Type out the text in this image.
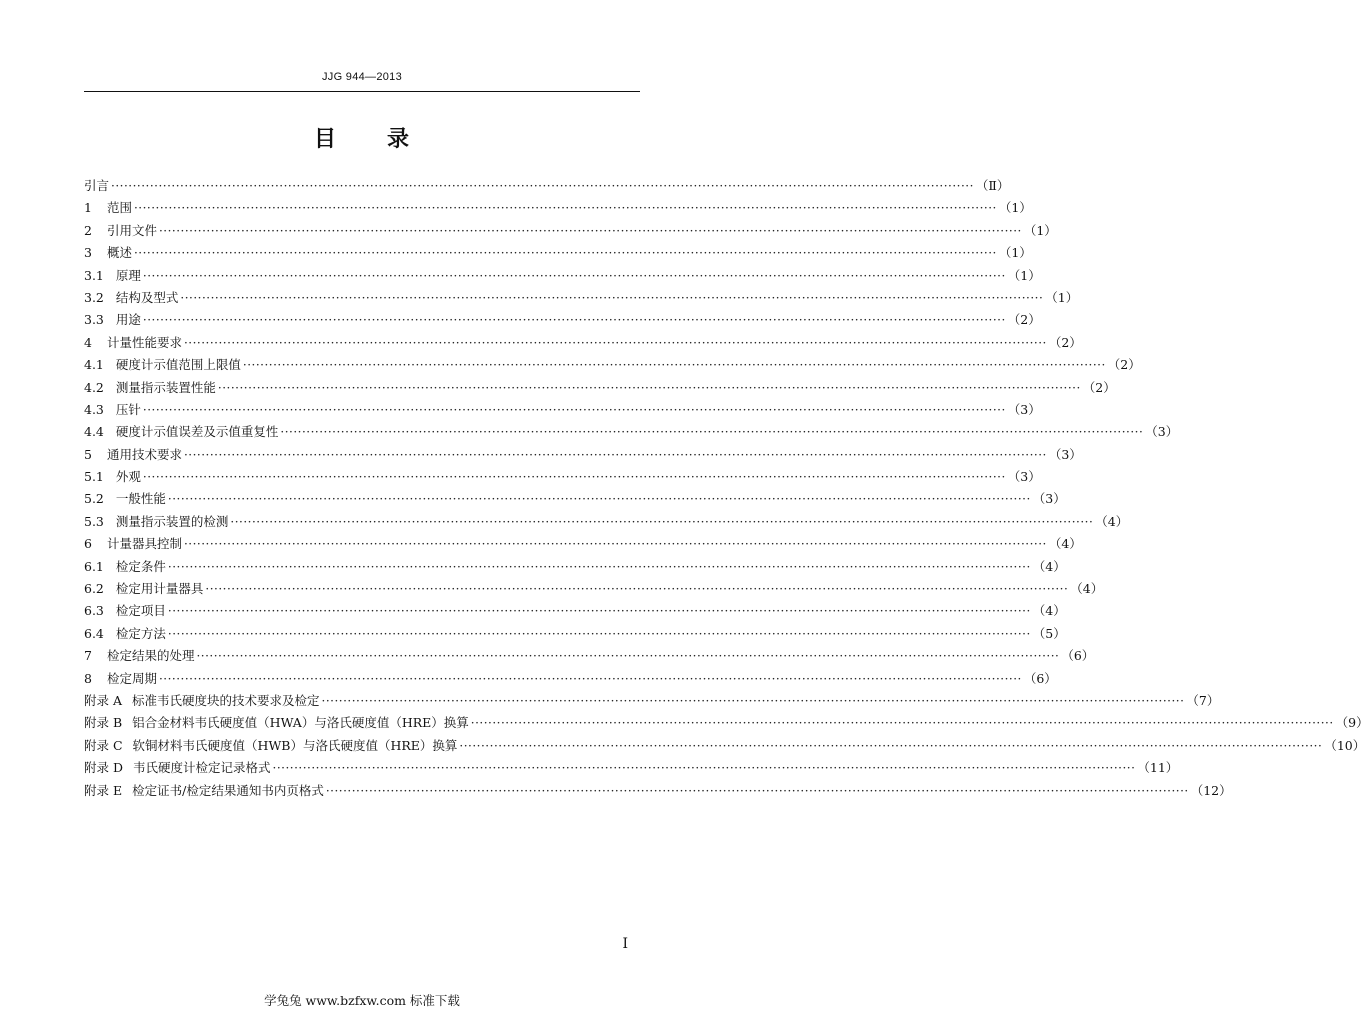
JJG 944—2013
目 录
引言 ········································································································································································································ （Ⅱ）
1 范围 ········································································································································································································ （1）
2 引用文件 ········································································································································································································ （1）
3 概述 ········································································································································································································ （1）
3.1 原理 ········································································································································································································ （1）
3.2 结构及型式 ········································································································································································································ （1）
3.3 用途 ········································································································································································································ （2）
4 计量性能要求 ········································································································································································································ （2）
4.1 硬度计示值范围上限值 ········································································································································································································ （2）
4.2 测量指示装置性能 ········································································································································································································ （2）
4.3 压针 ········································································································································································································ （3）
4.4 硬度计示值误差及示值重复性 ········································································································································································································ （3）
5 通用技术要求 ········································································································································································································ （3）
5.1 外观 ········································································································································································································ （3）
5.2 一般性能 ········································································································································································································ （3）
5.3 测量指示装置的检测 ········································································································································································································ （4）
6 计量器具控制 ········································································································································································································ （4）
6.1 检定条件 ········································································································································································································ （4）
6.2 检定用计量器具 ········································································································································································································ （4）
6.3 检定项目 ········································································································································································································ （4）
6.4 检定方法 ········································································································································································································ （5）
7 检定结果的处理 ········································································································································································································ （6）
8 检定周期 ········································································································································································································ （6）
附录 A 标准韦氏硬度块的技术要求及检定 ········································································································································································································ （7）
附录 B 铝合金材料韦氏硬度值（HWA）与洛氏硬度值（HRE）换算 ········································································································································································································ （9）
附录 C 软铜材料韦氏硬度值（HWB）与洛氏硬度值（HRE）换算 ········································································································································································································ （10）
附录 D 韦氏硬度计检定记录格式 ········································································································································································································ （11）
附录 E 检定证书/检定结果通知书内页格式 ········································································································································································································ （12）
I
学兔兔 www.bzfxw.com 标准下载
